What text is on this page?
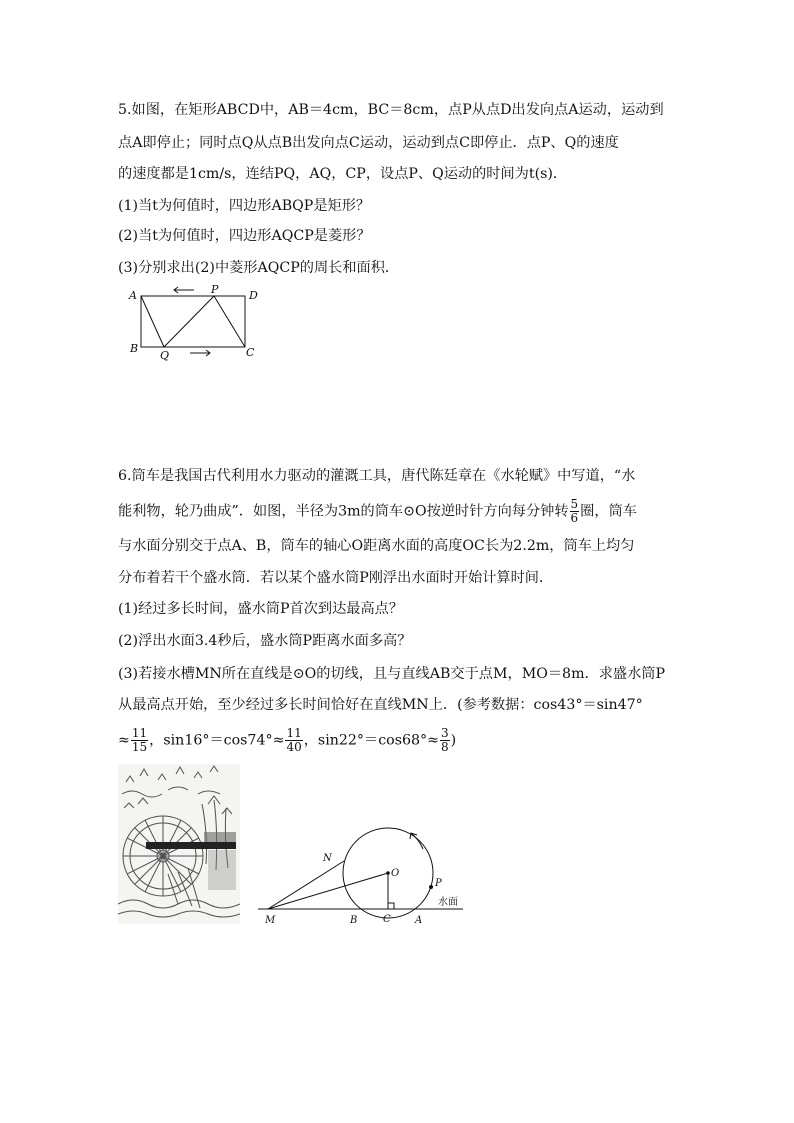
5.如图，在矩形ABCD中，AB＝4cm，BC＝8cm，点P从点D出发向点A运动，运动到
点A即停止；同时点Q从点B出发向点C运动，运动到点C即停止．点P、Q的速度
的速度都是1cm/s，连结PQ，AQ，CP，设点P、Q运动的时间为t(s)．
(1)当t为何值时，四边形ABQP是矩形？
(2)当t为何值时，四边形AQCP是菱形？
(3)分别求出(2)中菱形AQCP的周长和面积．
A	D
P
B
Q	C
6.筒车是我国古代利用水力驱动的灌溉工具，唐代陈廷章在《水轮赋》中写道，“水
能利物，轮乃曲成”．如图，半径为3m的筒车⊙O按逆时针方向每分钟转 $\frac{5}{6}$ 圈，筒车
与水面分别交于点A、B，筒车的轴心O距离水面的高度OC长为2.2m，筒车上均匀
分布着若干个盛水筒．若以某个盛水筒P刚浮出水面时开始计算时间．
(1)经过多长时间，盛水筒P首次到达最高点？
(2)浮出水面3.4秒后，盛水筒P距离水面多高？
(3)若接水槽MN所在直线是⊙O的切线，且与直线AB交于点M，MO＝8m．求盛水筒P
从最高点开始，至少经过多长时间恰好在直线MN上．(参考数据：cos43°＝sin47°
≈ $\frac{11}{15}$ ，$\sin 16^\circ=\cos 74^\circ\approx \frac{11}{40}$ ，$\sin 22^\circ=\cos 68^\circ\approx \frac{3}{8}$ )
N
O
P
M	B	C A
水面
